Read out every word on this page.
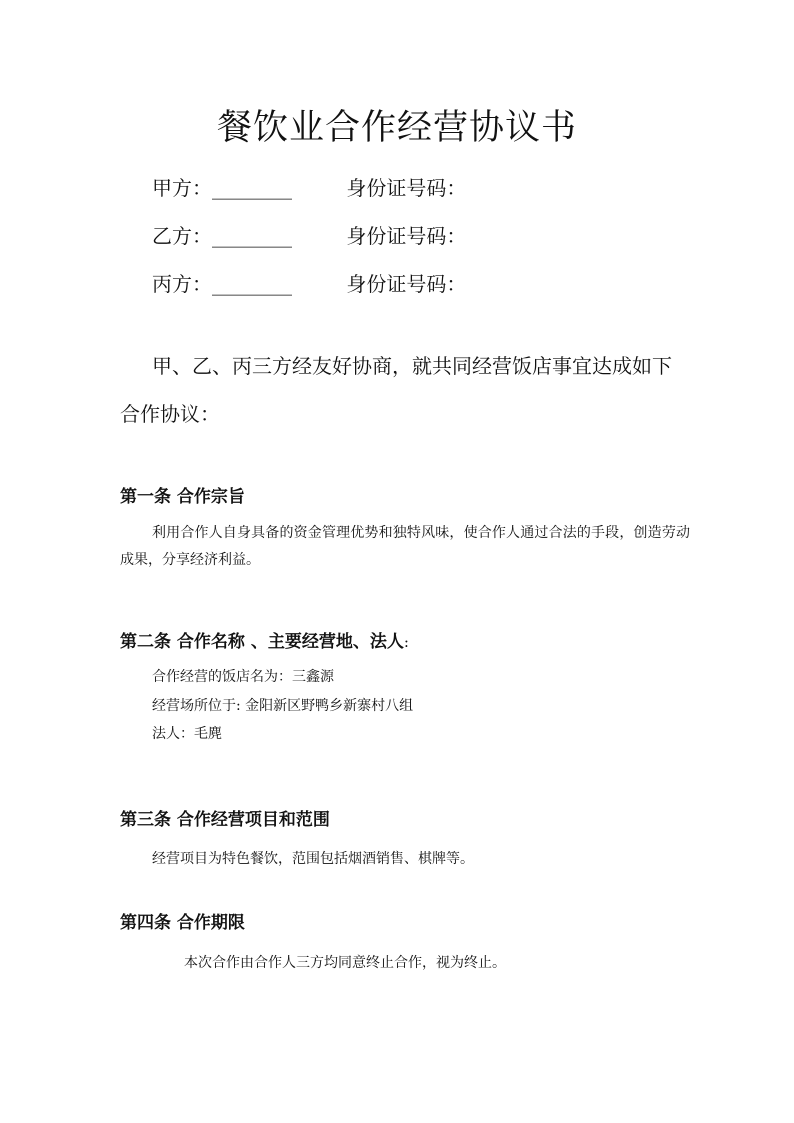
餐饮业合作经营协议书
甲方：________	身份证号码：
乙方：________	身份证号码：
丙方：________	身份证号码：

甲、乙、丙三方经友好协商，就共同经营饭店事宜达成如下合作协议：

第一条 合作宗旨

利用合作人自身具备的资金管理优势和独特风味，使合作人通过合法的手段，创造劳动成果，分享经济利益。

第二条 合作名称 、主要经营地、法人:

合作经营的饭店名为：三鑫源

经营场所位于: 金阳新区野鸭乡新寨村八组

法人：毛麂

第三条 合作经营项目和范围

经营项目为特色餐饮，范围包括烟酒销售、棋牌等。

第四条 合作期限

本次合作由合作人三方均同意终止合作，视为终止。
